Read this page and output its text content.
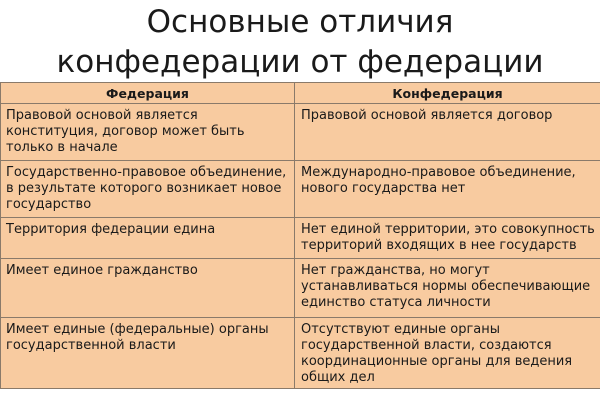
Основные отличия
конфедерации от федерации
Федерация	Конфедерация
Правовой основой является конституция, договор может быть только в начале	Правовой основой является договор
Государственно-правовое объединение, в результате которого возникает новое государство	Международно-правовое объединение, нового государства нет
Территория федерации едина	Нет единой территории, это совокупность территорий входящих в нее государств
Имеет единое гражданство	Нет гражданства, но могут устанавливаться нормы обеспечивающие единство статуса личности
Имеет единые (федеральные) органы государственной власти	Отсутствуют единые органы государственной власти, создаются координационные органы для ведения общих дел
